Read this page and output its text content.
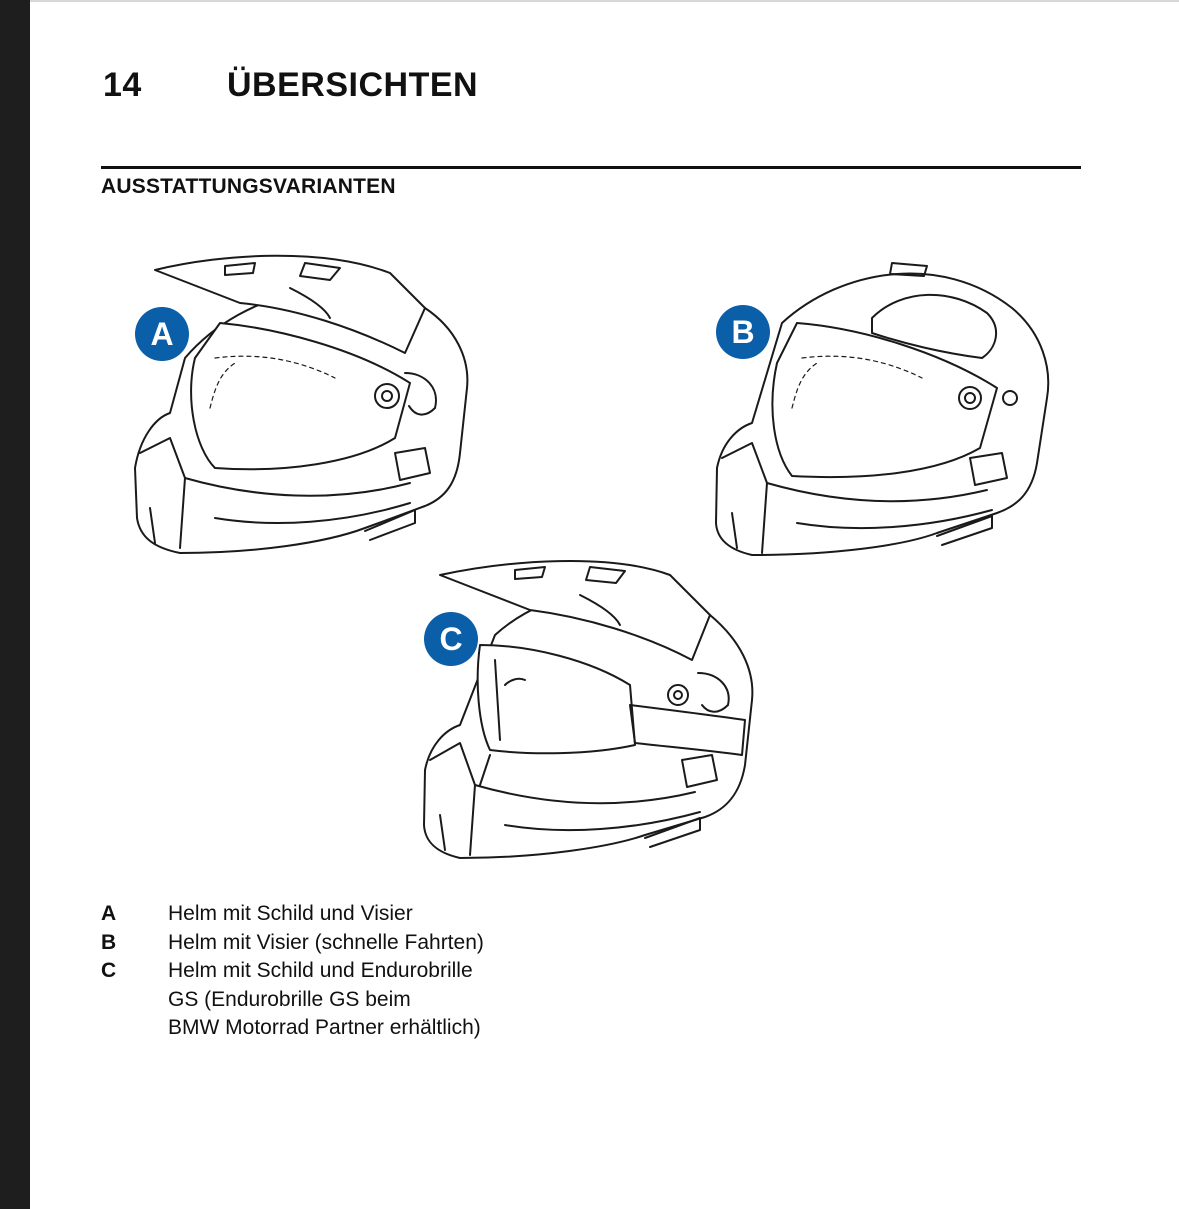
14	ÜBERSICHTEN
AUSSTATTUNGSVARIANTEN
A	B
C
A	Helm mit Schild und Visier
B	Helm mit Visier (schnelle Fahrten)
C	Helm mit Schild und Endurobrille
GS (Endurobrille GS beim
BMW Motorrad Partner erhältlich)
